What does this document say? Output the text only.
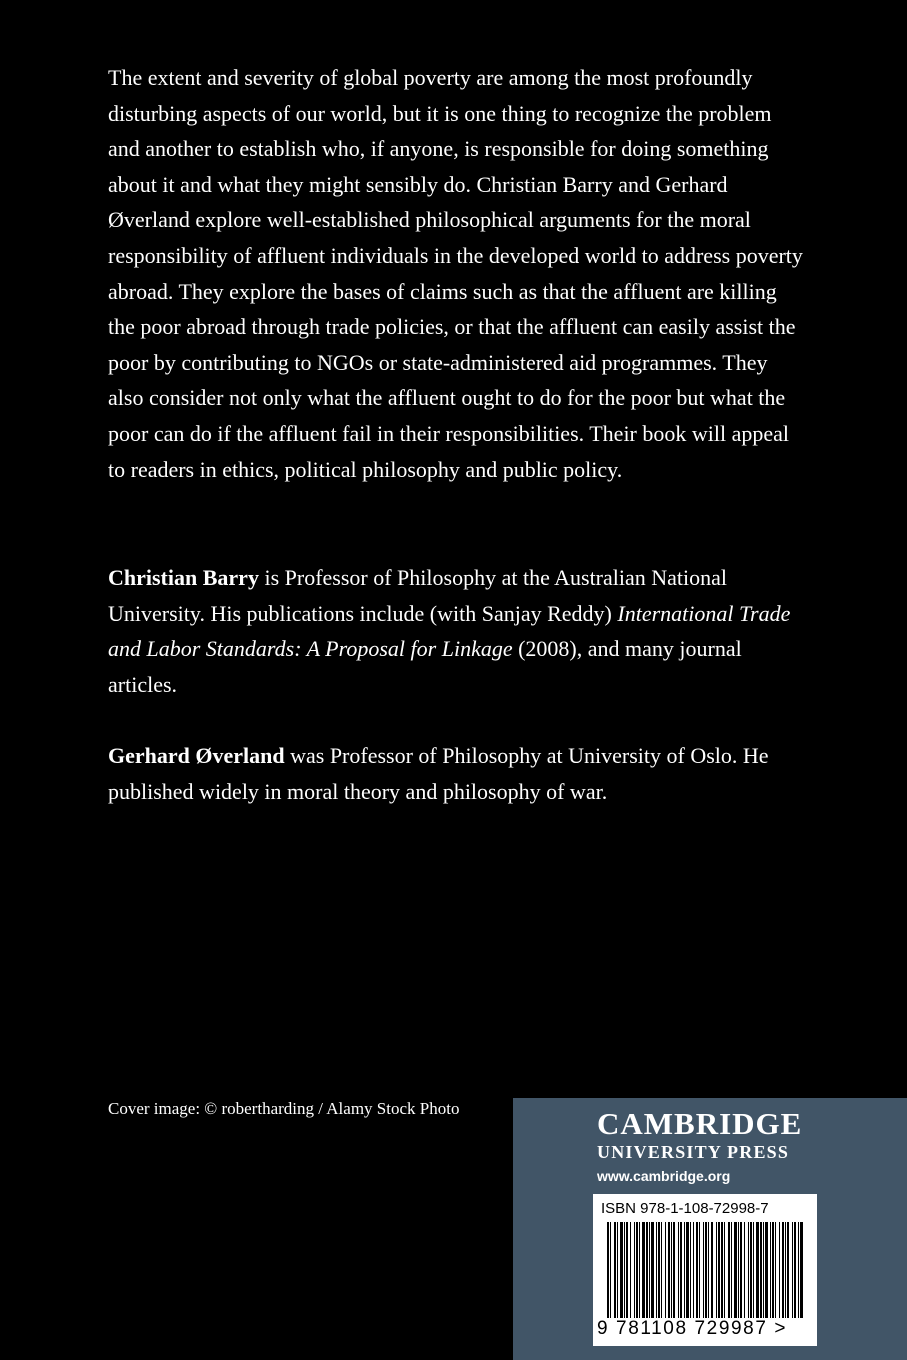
The extent and severity of global poverty are among the most profoundly disturbing aspects of our world, but it is one thing to recognize the problem and another to establish who, if anyone, is responsible for doing something about it and what they might sensibly do. Christian Barry and Gerhard Øverland explore well-established philosophical arguments for the moral responsibility of affluent individuals in the developed world to address poverty abroad. They explore the bases of claims such as that the affluent are killing the poor abroad through trade policies, or that the affluent can easily assist the poor by contributing to NGOs or state-administered aid programmes. They also consider not only what the affluent ought to do for the poor but what the poor can do if the affluent fail in their responsibilities. Their book will appeal to readers in ethics, political philosophy and public policy.

Christian Barry is Professor of Philosophy at the Australian National University. His publications include (with Sanjay Reddy) International Trade and Labor Standards: A Proposal for Linkage (2008), and many journal articles.

Gerhard Øverland was Professor of Philosophy at University of Oslo. He published widely in moral theory and philosophy of war.

Cover image: © robertharding / Alamy Stock Photo	CAMBRIDGE
UNIVERSITY PRESS
www.cambridge.org
ISBN 978-1-108-72998-7
9 781108 729987 >
